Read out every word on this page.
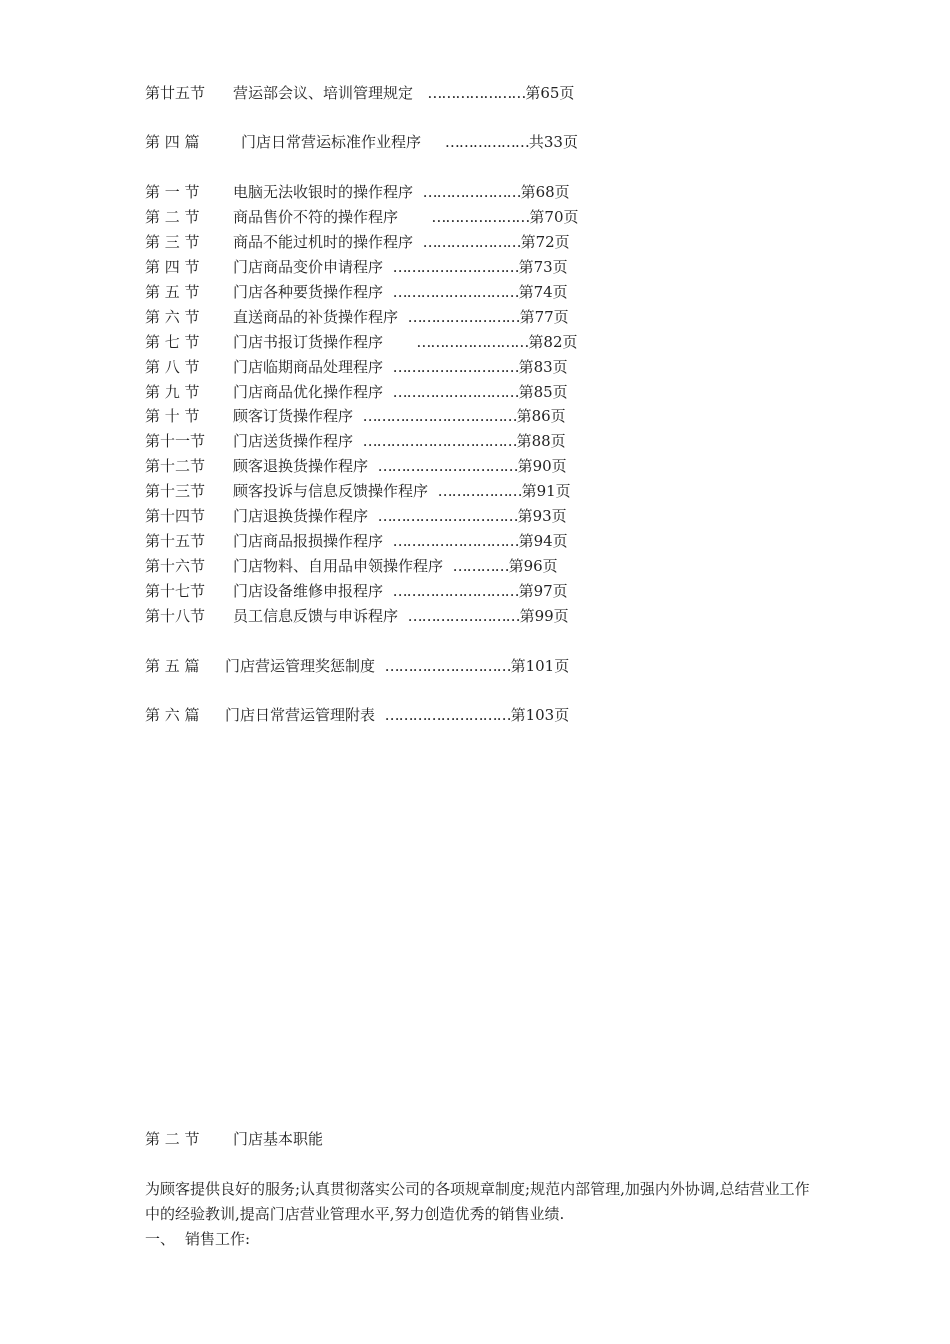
第廿五节 营运部会议、培训管理规定 …………………第65页
第 四 篇	门店日常营运标准作业程序 ………………共33页
第 一 节 电脑无法收银时的操作程序 …………………第68页
第 二 节 商品售价不符的操作程序 …………………第70页
第 三 节 商品不能过机时的操作程序 …………………第72页
第 四 节 门店商品变价申请程序 ………………………第73页
第 五 节 门店各种要货操作程序 ………………………第74页
第 六 节 直送商品的补货操作程序 ……………………第77页
第 七 节 门店书报订货操作程序 ……………………第82页
第 八 节 门店临期商品处理程序 ………………………第83页
第 九 节 门店商品优化操作程序 ………………………第85页
第 十 节 顾客订货操作程序 ……………………………第86页
第十一节 门店送货操作程序 ……………………………第88页
第十二节 顾客退换货操作程序 …………………………第90页
第十三节 顾客投诉与信息反馈操作程序 ………………第91页
第十四节 门店退换货操作程序 …………………………第93页
第十五节 门店商品报损操作程序 ………………………第94页
第十六节 门店物料、自用品申领操作程序 …………第96页
第十七节 门店设备维修申报程序 ………………………第97页
第十八节 员工信息反馈与申诉程序 ……………………第99页
第 五 篇 门店营运管理奖惩制度 ………………………第101页
第 六 篇 门店日常营运管理附表 ………………………第103页
第 二 节 门店基本职能
为顾客提供良好的服务;认真贯彻落实公司的各项规章制度;规范内部管理,加强内外协调,总结营业工作中的经验教训,提高门店营业管理水平,努力创造优秀的销售业绩.
一、 销售工作:
